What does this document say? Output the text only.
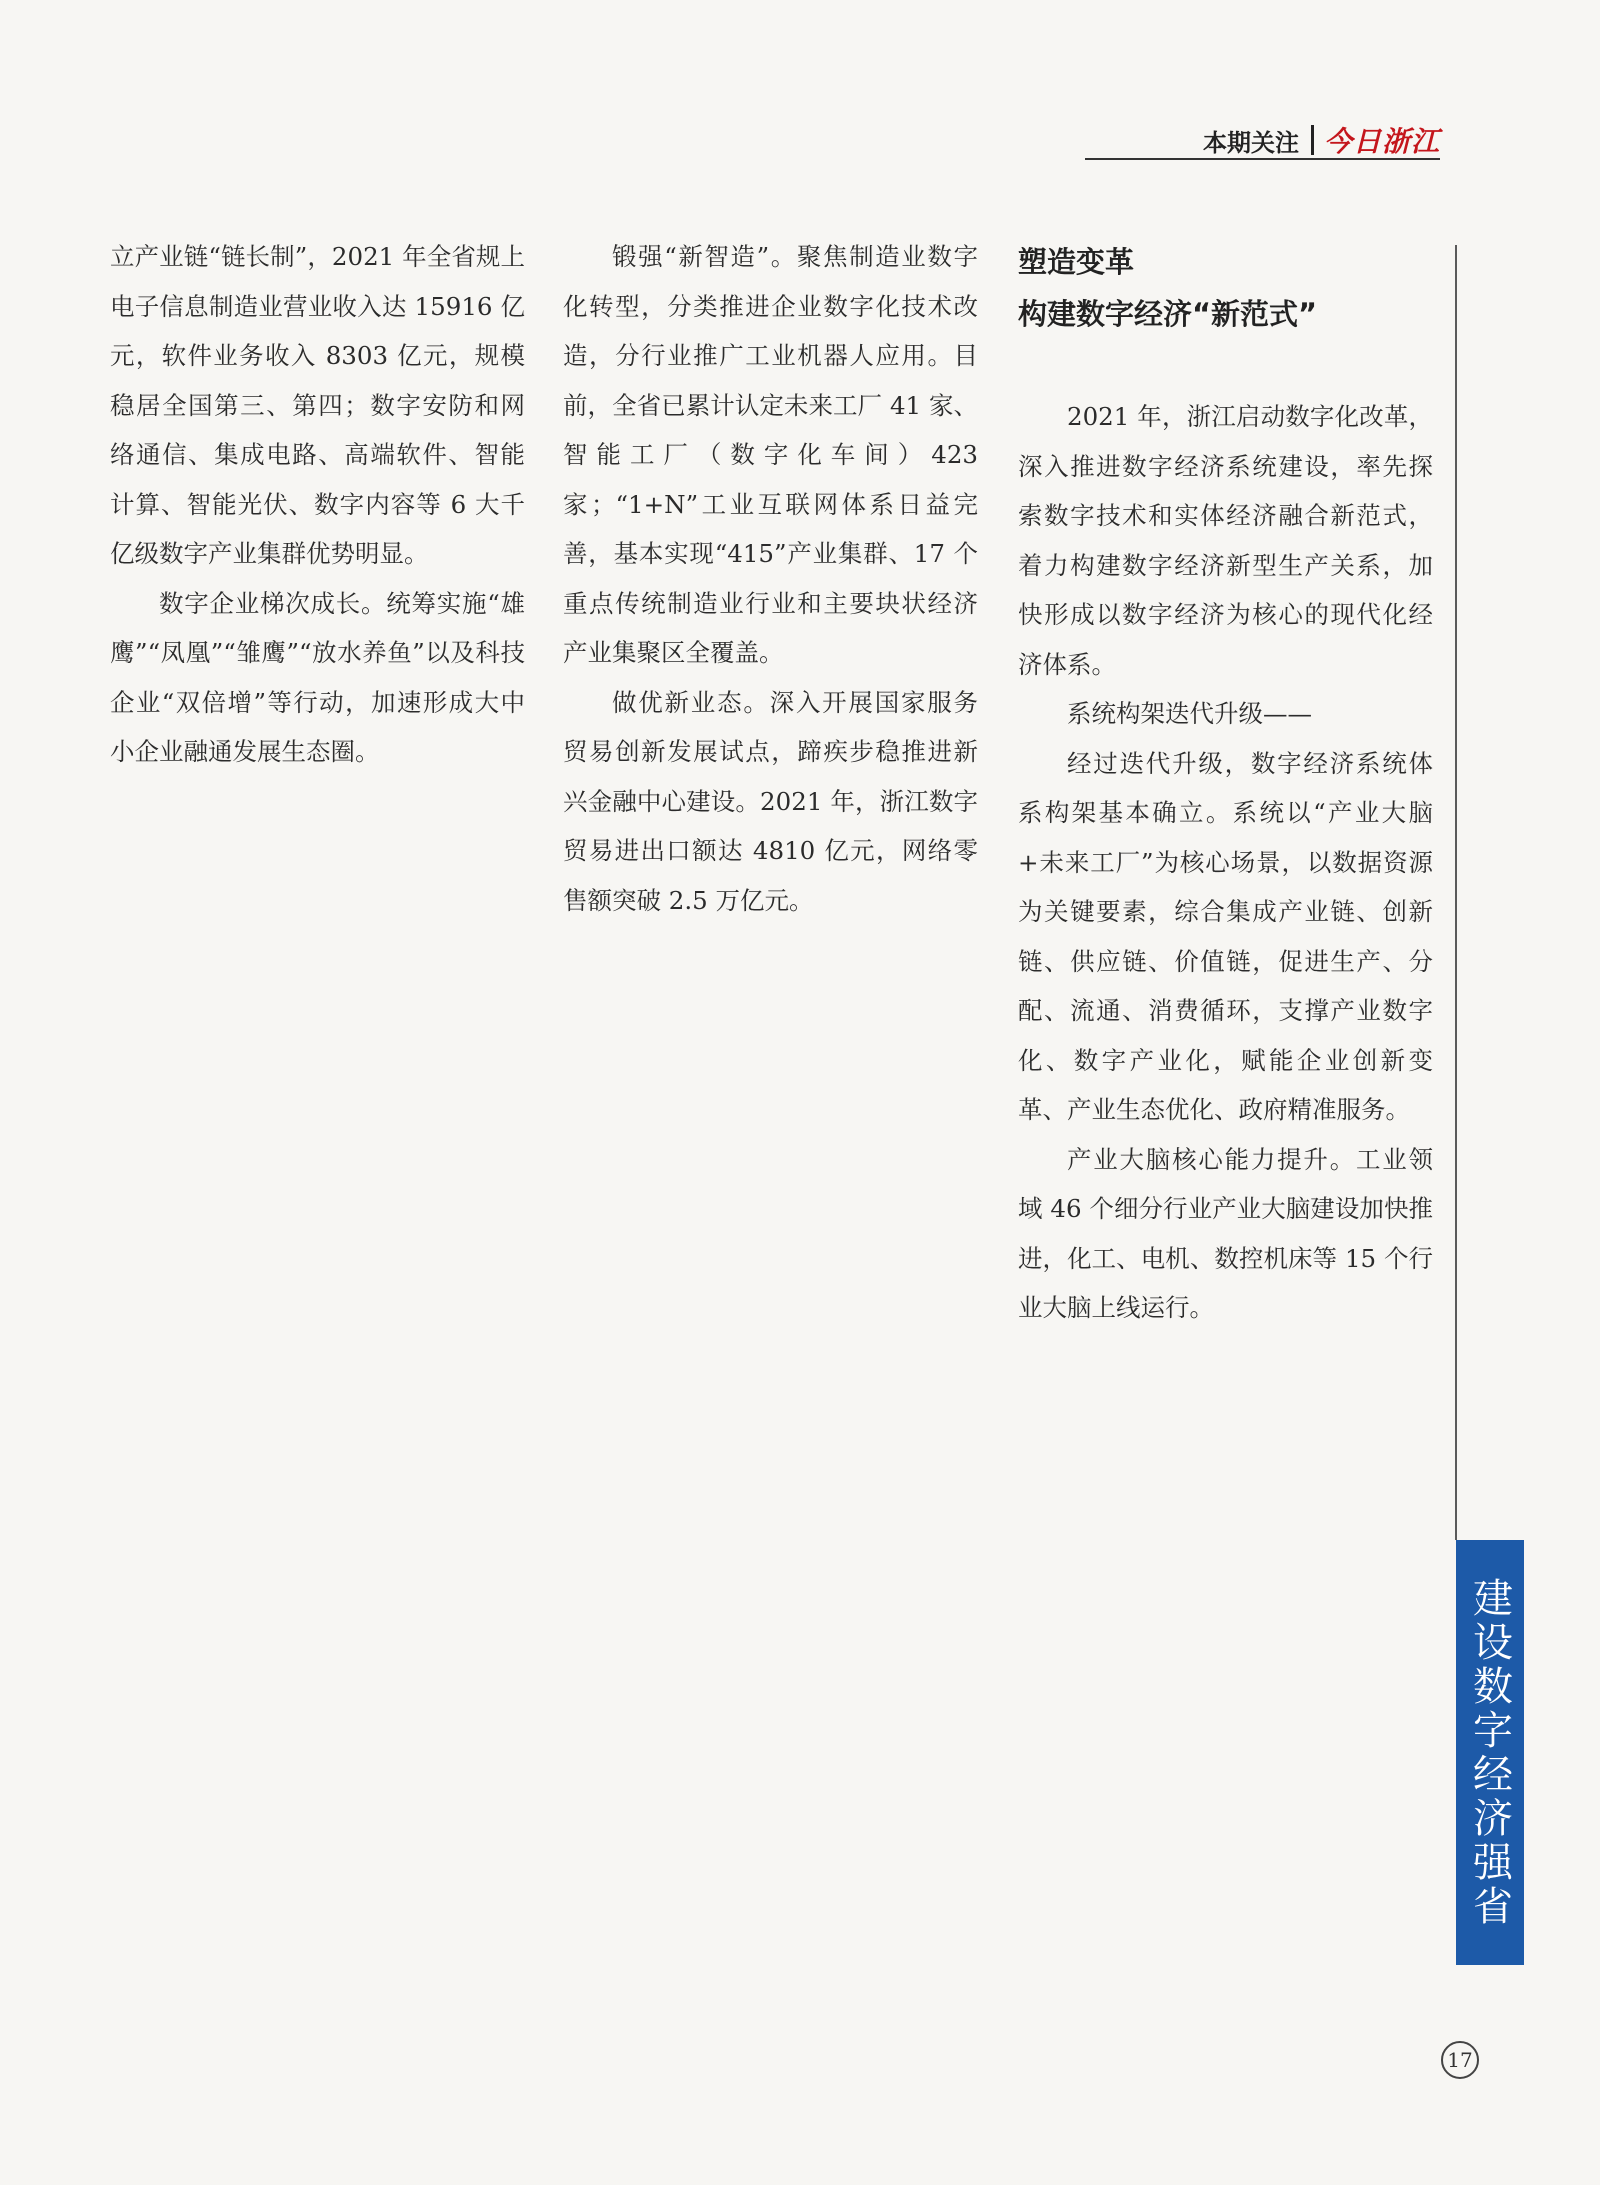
本期关注 今日浙江

立产业链“链长制”，2021 年全省规上电子信息制造业营业收入达 15916 亿元，软件业务收入 8303 亿元，规模稳居全国第三、第四；数字安防和网络通信、集成电路、高端软件、智能计算、智能光伏、数字内容等 6 大千亿级数字产业集群优势明显。

数字企业梯次成长。统筹实施“雄鹰”“凤凰”“雏鹰”“放水养鱼”以及科技企业“双倍增”等行动，加速形成大中小企业融通发展生态圈。

锻强“新智造”。聚焦制造业数字化转型，分类推进企业数字化技术改造，分行业推广工业机器人应用。目前，全省已累计认定未来工厂 41 家、智能工厂（数字化车间）423 家；“1+N”工业互联网体系日益完善，基本实现“415”产业集群、17 个重点传统制造业行业和主要块状经济产业集聚区全覆盖。

做优新业态。深入开展国家服务贸易创新发展试点，蹄疾步稳推进新兴金融中心建设。2021 年，浙江数字贸易进出口额达 4810 亿元，网络零售额突破 2.5 万亿元。

塑造变革
构建数字经济“新范式”

2021 年，浙江启动数字化改革，深入推进数字经济系统建设，率先探索数字技术和实体经济融合新范式，着力构建数字经济新型生产关系，加快形成以数字经济为核心的现代化经济体系。

系统构架迭代升级——

经过迭代升级，数字经济系统体系构架基本确立。系统以“产业大脑+未来工厂”为核心场景，以数据资源为关键要素，综合集成产业链、创新链、供应链、价值链，促进生产、分配、流通、消费循环，支撑产业数字化、数字产业化，赋能企业创新变革、产业生态优化、政府精准服务。

产业大脑核心能力提升。工业领域 46 个细分行业产业大脑建设加快推进，化工、电机、数控机床等 15 个行业大脑上线运行。

建设数字经济强省
17
